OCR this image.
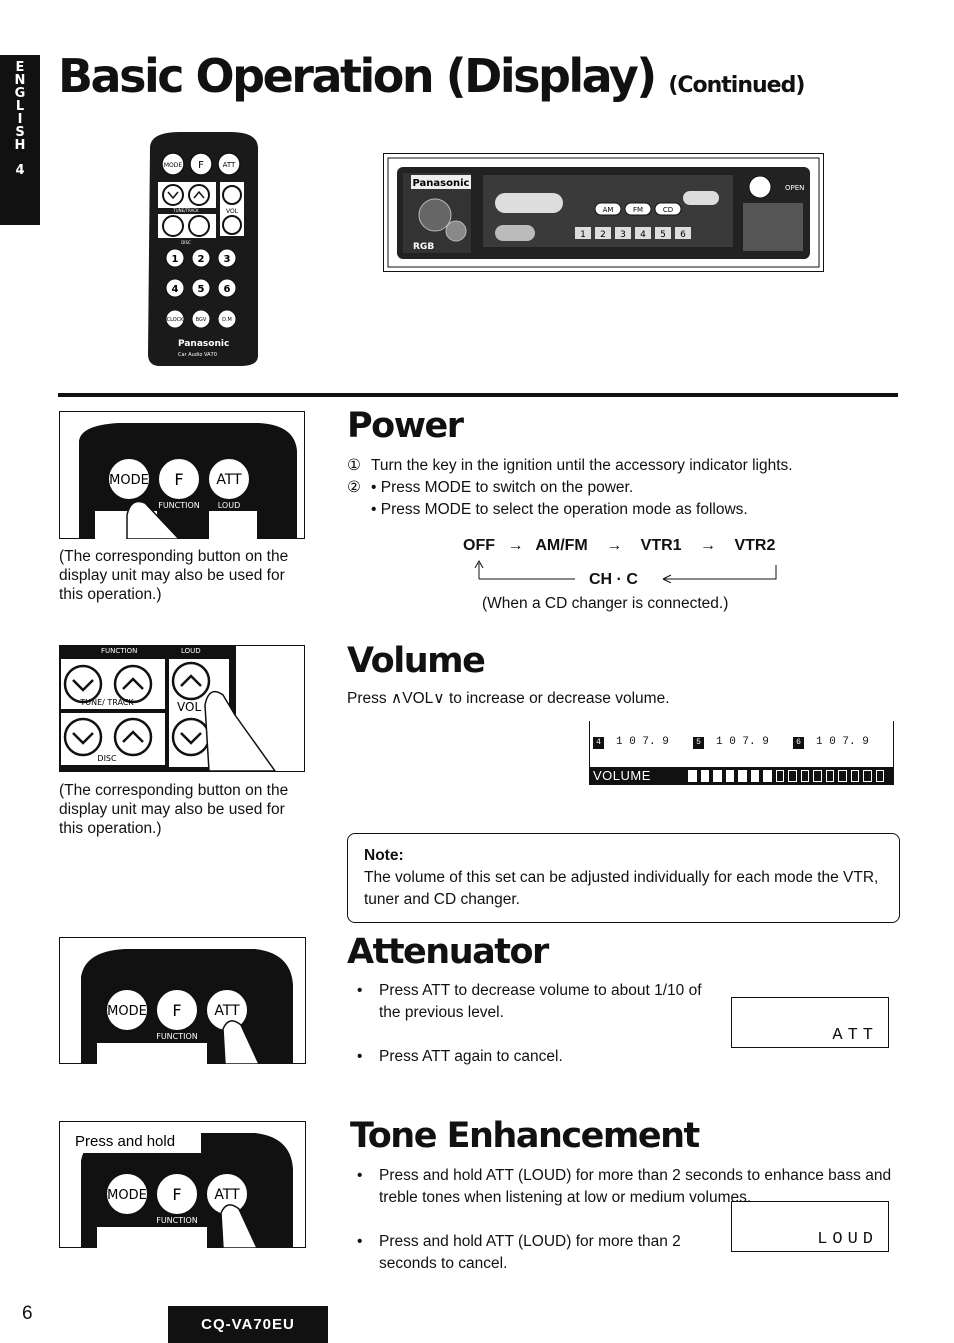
E
N
G
L
I
S
H
4
Basic Operation (Display) (Continued)
MODE F	ATT
VOL
TUNE/TRACK
DISC
1 2 3
4 5 6
CLOCK BGV	D.M
Panasonic
Car Audio VA70
Panasonic
RGB
AM	FM	CD
1 2 3 4 5 6
OPEN
MODE F ATT
FUNCTION LOUD
(The corresponding button on the display unit may also be used for this operation.)
Power
① Turn the key in the ignition until the accessory indicator lights.
② • Press MODE to switch on the power.
• Press MODE to select the operation mode as follows.
OFF → AM/FM → VTR1 → VTR2
CH · C
(When a CD changer is connected.)
FUNCTION	LOUD
TUNE/ TRACK
DISC
VOL
(The corresponding button on the display unit may also be used for this operation.)
Volume
Press ∧VOL∨ to increase or decrease volume.
4 1 0 7. 9	5 1 0 7. 9	6 1 0 7. 9
VOLUME
Note:
The volume of this set can be adjusted individually for each mode the VTR, tuner and CD changer.
MODE F ATT
FUNCTION
Attenuator
•	Press ATT to decrease volume to about 1/10 of the previous level.
•	Press ATT again to cancel.
ATT
Press and hold
MODE F ATT
FUNCTION
Tone Enhancement
•	Press and hold ATT (LOUD) for more than 2 seconds to enhance bass and treble tones when listening at low or medium volumes.
LOUD
•	Press and hold ATT (LOUD) for more than 2 seconds to cancel.
6
CQ-VA70EU
